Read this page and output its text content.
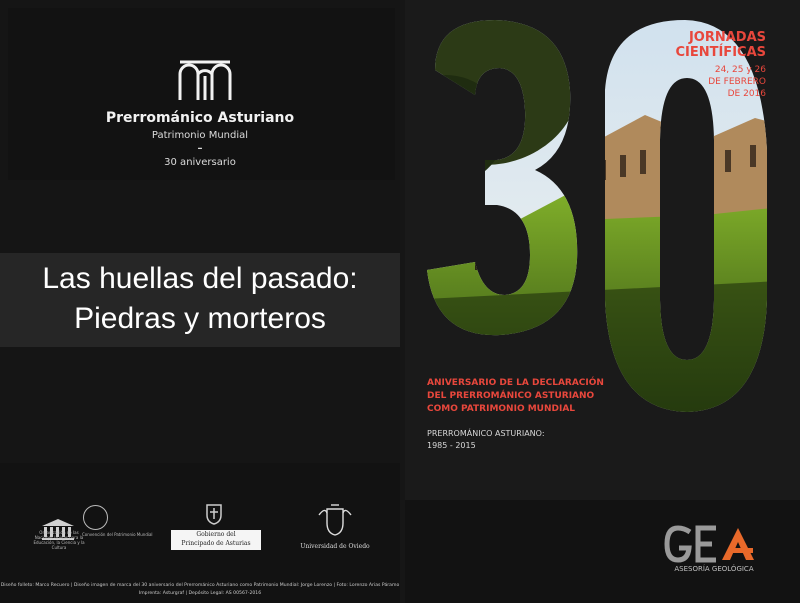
Prerrománico Asturiano
Patrimonio Mundial
–
30 aniversario
Las huellas del pasado:
Piedras y morteros
Organización de las Naciones Unidas para la Educación, la Ciencia y la Cultura
Convención del Patrimonio Mundial	Gobierno del
Principado de Asturias	Universidad de Oviedo
Diseño folleto: Marco Recuero | Diseño imagen de marca del 30 aniversario del Prerrománico Asturiano como Patrimonio Mundial: Jorge Lorenzo | Foto: Lorenzo Arias Páramo
Imprenta: Asturgraf | Depósito Legal: AS 00567-2016
JORNADAS
CIENTÍFICAS
24, 25 y 26
DE FEBRERO
DE 2016
ANIVERSARIO DE LA DECLARACIÓN
DEL PRERROMÁNICO ASTURIANO
COMO PATRIMONIO MUNDIAL
PRERROMÁNICO ASTURIANO:
1985 - 2015
ASESORÍA GEOLÓGICA
